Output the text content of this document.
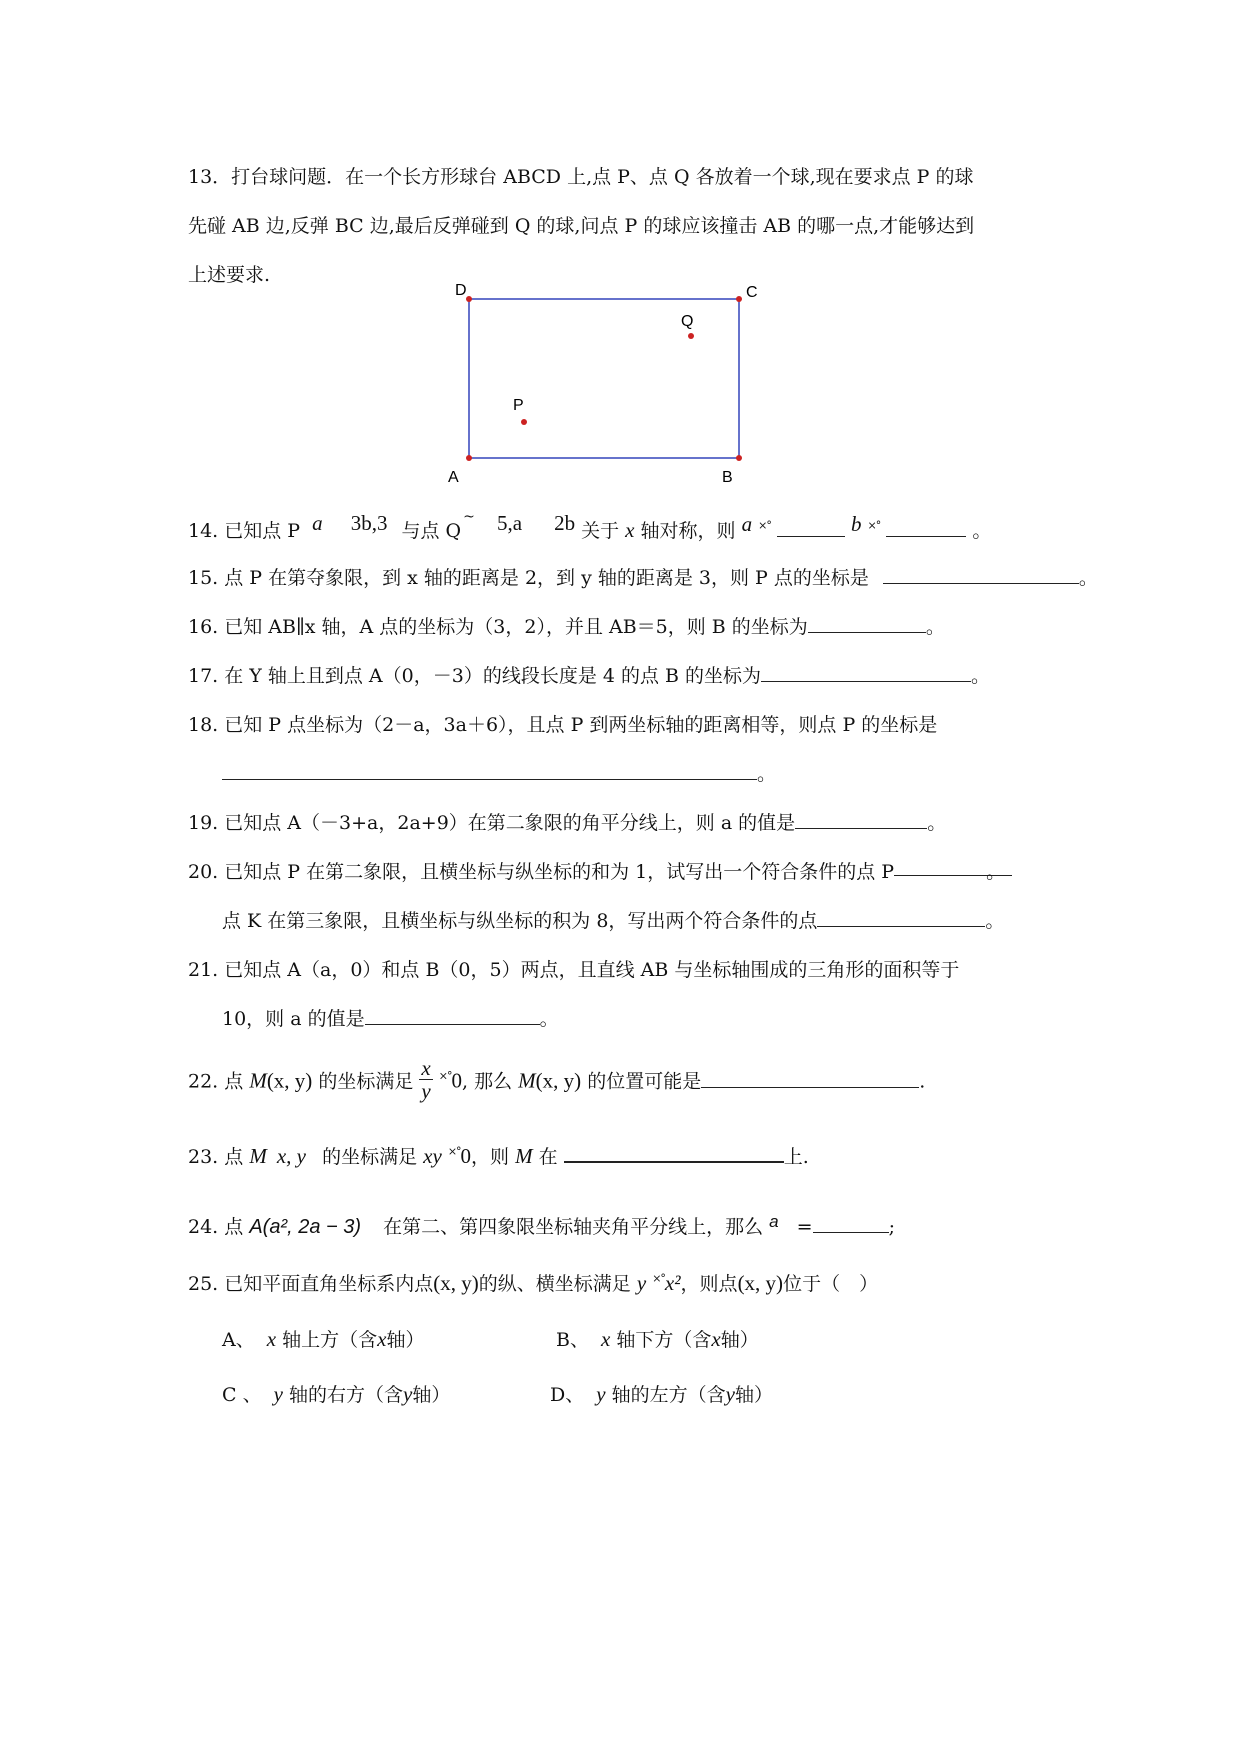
13．打台球问题．在一个长方形球台 ABCD 上,点 P、点 Q 各放着一个球,现在要求点 P 的球
先碰 AB 边,反弹 BC 边,最后反弹碰到 Q 的球,问点 P 的球应该撞击 AB 的哪一点,才能够达到
上述要求.
D	C
A	B
Q
P
14. 已知点 P a 3b,3 与点 Q ~ 5,a 2b 关于 x 轴对称，则 a ×°	b ×°	。
15. 点 P 在第夺象限，到 x 轴的距离是 2，到 y 轴的距离是 3，则 P 点的坐标是	。
16. 已知 AB∥x 轴，A 点的坐标为（3，2），并且 AB＝5，则 B 的坐标为	。
17. 在 Y 轴上且到点 A（0，－3）的线段长度是 4 的点 B 的坐标为	。
18. 已知 P 点坐标为（2－a，3a＋6），且点 P 到两坐标轴的距离相等，则点 P 的坐标是
。
19. 已知点 A（－3+a，2a+9）在第二象限的角平分线上，则 a 的值是	。
20. 已知点 P 在第二象限，且横坐标与纵坐标的和为 1，试写出一个符合条件的点 P	。
点 K 在第三象限，且横坐标与纵坐标的积为 8，写出两个符合条件的点	。
21. 已知点 A（a，0）和点 B（0，5）两点，且直线 AB 与坐标轴围成的三角形的面积等于
10，则 a 的值是	。
22. 点 M(x, y) 的坐标满足 $\frac{x}{y} ^{\times^\circ}0$, 那么 M(x, y) 的位置可能是	.
23. 点 M x, y 的坐标满足 xy ×°0，则 M 在	上.
24. 点 A(a², 2a − 3) 在第二、第四象限坐标轴夹角平分线上，那么 a =	;
25. 已知平面直角坐标系内点(x, y)的纵、横坐标满足 y ×°x²，则点(x, y)位于（　）
A、 x 轴上方（含x轴）	B、 x 轴下方（含x轴）
C 、 y 轴的右方（含y轴）	D、 y 轴的左方（含y轴）
